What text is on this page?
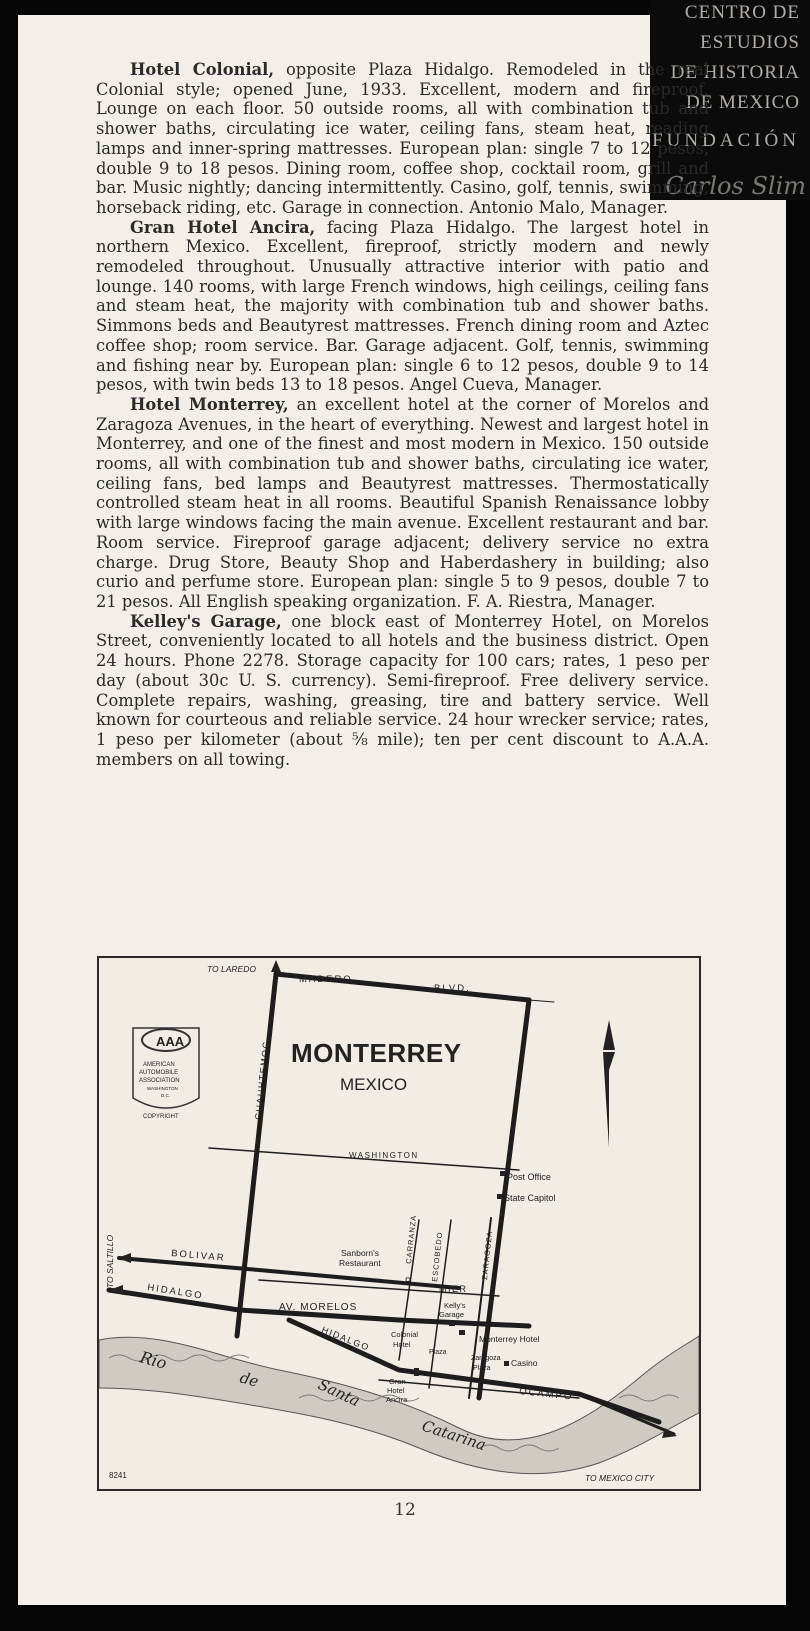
CENTRO DE
ESTUDIOS
DE HISTORIA
DE MEXICO
FUNDACIÓN
Carlos Slim

Hotel Colonial, opposite Plaza Hidalgo. Remodeled in the real Colonial style; opened June, 1933. Excellent, modern and fireproof. Lounge on each floor. 50 outside rooms, all with combination tub and shower baths, circulating ice water, ceiling fans, steam heat, reading lamps and inner-spring mattresses. European plan: single 7 to 12 pesos, double 9 to 18 pesos. Dining room, coffee shop, cocktail room, grill and bar. Music nightly; dancing intermittently. Casino, golf, tennis, swimming, horseback riding, etc. Garage in connection. Antonio Malo, Manager.

Gran Hotel Ancira, facing Plaza Hidalgo. The largest hotel in northern Mexico. Excellent, fireproof, strictly modern and newly remodeled throughout. Unusually attractive interior with patio and lounge. 140 rooms, with large French windows, high ceilings, ceiling fans and steam heat, the majority with combination tub and shower baths. Simmons beds and Beautyrest mattresses. French dining room and Aztec coffee shop; room service. Bar. Garage adjacent. Golf, tennis, swimming and fishing near by. European plan: single 6 to 12 pesos, double 9 to 14 pesos, with twin beds 13 to 18 pesos. Angel Cueva, Manager.

Hotel Monterrey, an excellent hotel at the corner of Morelos and Zaragoza Avenues, in the heart of everything. Newest and largest hotel in Monterrey, and one of the finest and most modern in Mexico. 150 outside rooms, all with combination tub and shower baths, circulating ice water, ceiling fans, bed lamps and Beautyrest mattresses. Thermostatically controlled steam heat in all rooms. Beautiful Spanish Renaissance lobby with large windows facing the main avenue. Excellent restaurant and bar. Room service. Fireproof garage adjacent; delivery service no extra charge. Drug Store, Beauty Shop and Haberdashery in building; also curio and perfume store. European plan: single 5 to 9 pesos, double 7 to 21 pesos. All English speaking organization. F. A. Riestra, Manager.

Kelley's Garage, one block east of Monterrey Hotel, on Morelos Street, conveniently located to all hotels and the business district. Open 24 hours. Phone 2278. Storage capacity for 100 cars; rates, 1 peso per day (about 30c U. S. currency). Semi-fireproof. Free delivery service. Complete repairs, washing, greasing, tire and battery service. Well known for courteous and reliable service. 24 hour wrecker service; rates, 1 peso per kilometer (about ⅝ mile); ten per cent discount to A.A.A. members on all towing.

TO LAREDO
MADERO
BLVD.
CUAUHTEMOC MONTERREY
MEXICO
AAA
AMERICAN
AUTOMOBILE
ASSOCIATION
WASHINGTON
D.C.
COPYRIGHT
N
WASHINGTON
Post Office
State Capitol
TO SALTILLO	BOLIVAR
HIDALGO
AV. MORELOS
HIDALGO
Sanborn's
Restaurant	CARRANZA ESCOBEDO	ZARAGOZA
P.
MIER
Kelly's
Garage
Colonial
Hotel
Plaza
Monterrey Hotel
Zaragoza
Plaza
Casino
Gran
Hotel
Ancira	OCAMPO
Rio
de	Santa
Catarina
8241	TO MEXICO CITY
12
